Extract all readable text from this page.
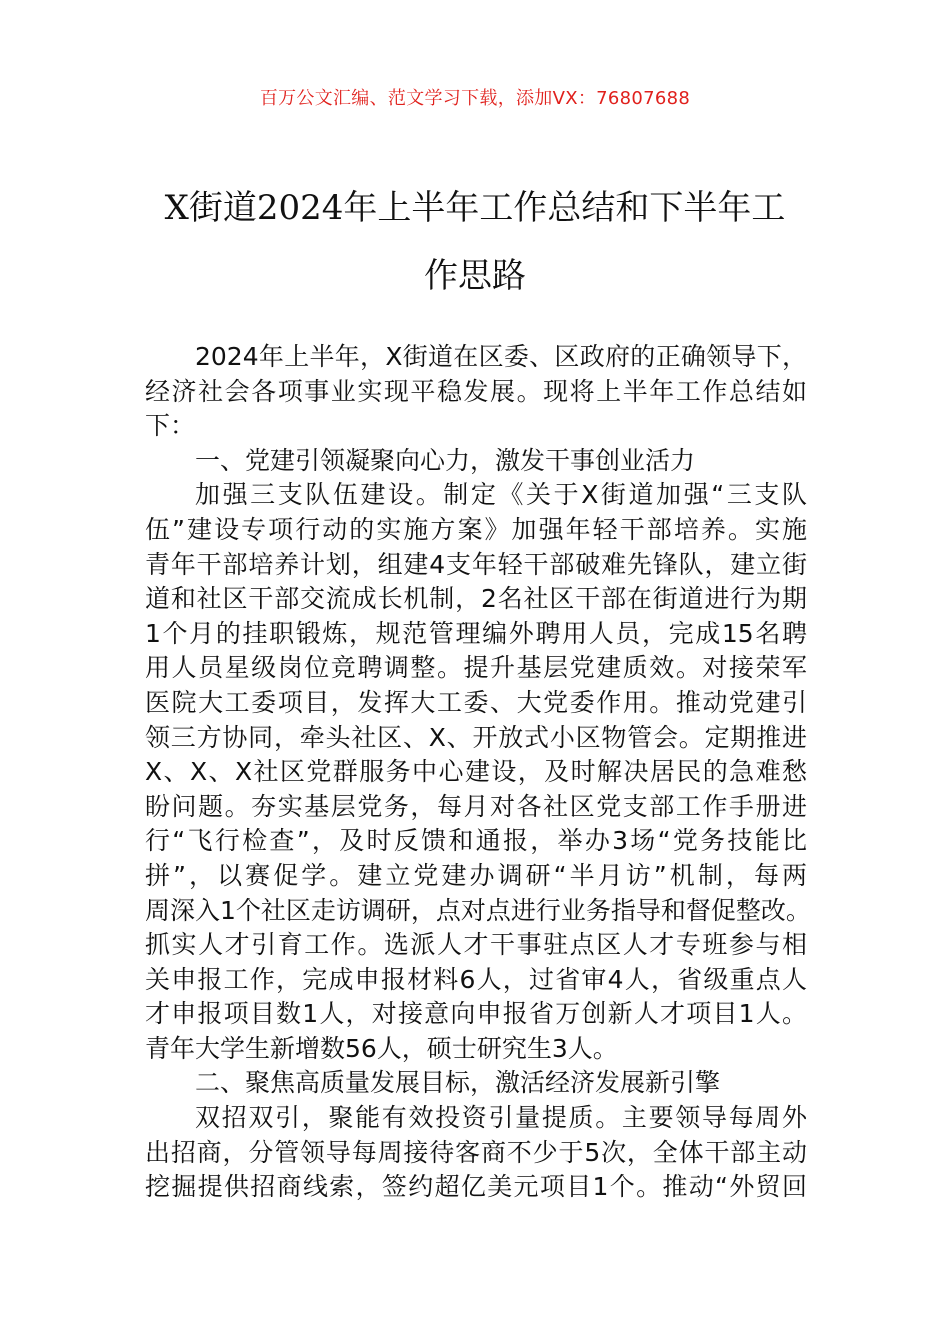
百万公文汇编、范文学习下载，添加VX：76807688
X街道2024年上半年工作总结和下半年工
作思路
2024年上半年，X街道在区委、区政府的正确领导下，
经济社会各项事业实现平稳发展。现将上半年工作总结如
下：
一、党建引领凝聚向心力，激发干事创业活力
加强三支队伍建设。制定《关于X街道加强“三支队
伍”建设专项行动的实施方案》加强年轻干部培养。实施
青年干部培养计划，组建4支年轻干部破难先锋队，建立街
道和社区干部交流成长机制，2名社区干部在街道进行为期
1个月的挂职锻炼，规范管理编外聘用人员，完成15名聘
用人员星级岗位竞聘调整。提升基层党建质效。对接荣军
医院大工委项目，发挥大工委、大党委作用。推动党建引
领三方协同，牵头社区、X、开放式小区物管会。定期推进
X、X、X社区党群服务中心建设，及时解决居民的急难愁
盼问题。夯实基层党务，每月对各社区党支部工作手册进
行“飞行检查”，及时反馈和通报，举办3场“党务技能比
拼”，以赛促学。建立党建办调研“半月访”机制，每两
周深入1个社区走访调研，点对点进行业务指导和督促整改。
抓实人才引育工作。选派人才干事驻点区人才专班参与相
关申报工作，完成申报材料6人，过省审4人，省级重点人
才申报项目数1人，对接意向申报省万创新人才项目1人。
青年大学生新增数56人，硕士研究生3人。
二、聚焦高质量发展目标，激活经济发展新引擎
双招双引，聚能有效投资引量提质。主要领导每周外
出招商，分管领导每周接待客商不少于5次，全体干部主动
挖掘提供招商线索，签约超亿美元项目1个。推动“外贸回
